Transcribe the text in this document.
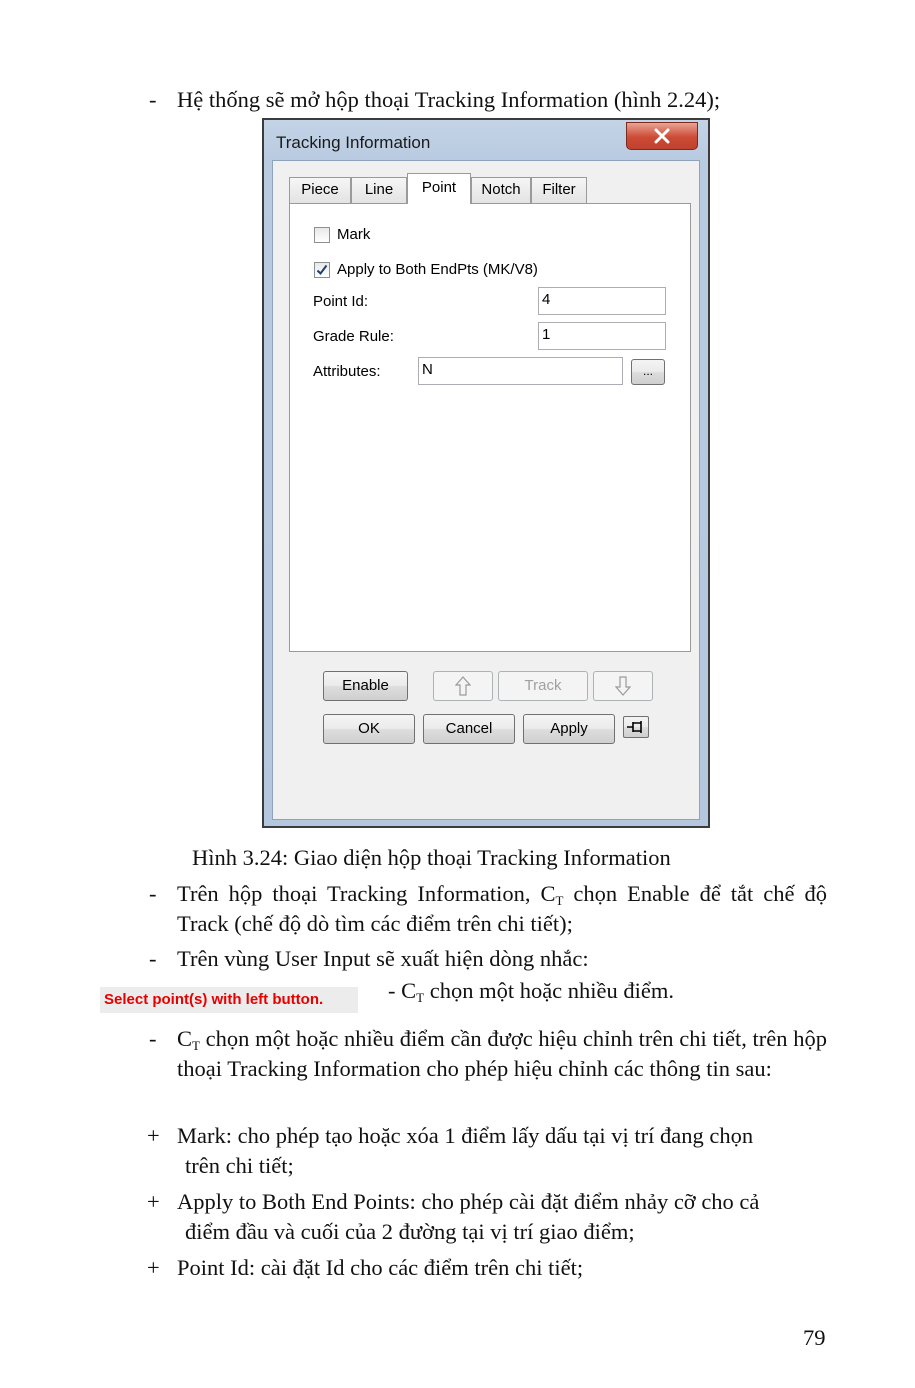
- Hệ thống sẽ mở hộp thoại Tracking Information (hình 2.24);
Tracking Information
Piece	Line	Point	Notch	Filter
Mark
Apply to Both EndPts (MK/V8)
Point Id:	4
Grade Rule:	1
Attributes:	N	...
Enable	Track
OK	Cancel	Apply
Hình 3.24: Giao diện hộp thoại Tracking Information
- Trên hộp thoại Tracking Information, $C_T$ chọn Enable để tắt chế độ Track (chế độ dò tìm các điểm trên chi tiết);
- Trên vùng User Input sẽ xuất hiện dòng nhắc:
Select point(s) with left button.	- $C_T$ chọn một hoặc nhiều điểm.
- $C_T$ chọn một hoặc nhiều điểm cần được hiệu chỉnh trên chi tiết, trên hộp thoại Tracking Information cho phép hiệu chỉnh các thông tin sau:
+ Mark: cho phép tạo hoặc xóa 1 điểm lấy dấu tại vị trí đang chọn
trên chi tiết;
+ Apply to Both End Points: cho phép cài đặt điểm nhảy cỡ cho cả
điểm đầu và cuối của 2 đường tại vị trí giao điểm;
+ Point Id: cài đặt Id cho các điểm trên chi tiết;
79
